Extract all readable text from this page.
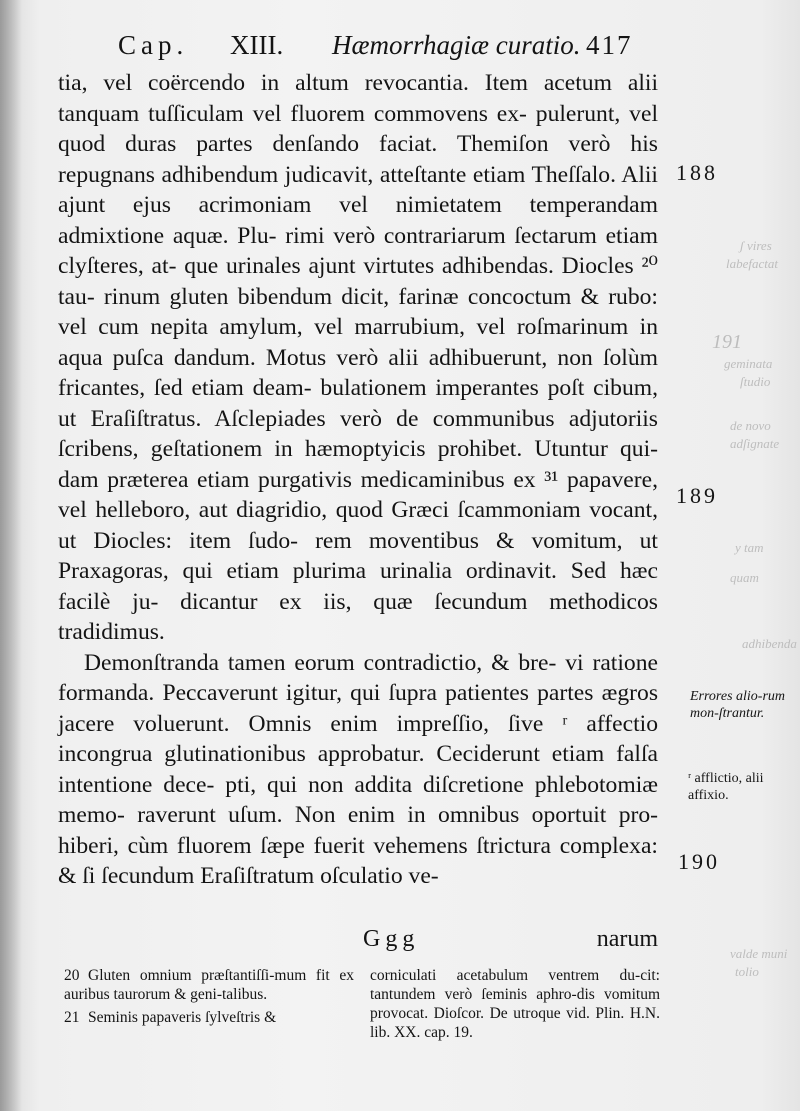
ʃ vires
labefactat
191
geminata
ſtudio
de novo
adſignate
y tam
quam
adhibenda
valde muni
tolio
Cap. XIII. Hæmorrhagiæ curatio. 417

tia, vel coërcendo in altum revocantia. Item acetum alii tanquam tuſſiculam vel fluorem commovens ex- pulerunt, vel quod duras partes denſando faciat. Themiſon verò his repugnans adhibendum judicavit, atteſtante etiam Theſſalo. Alii ajunt ejus acrimoniam vel nimietatem temperandam admixtione aquæ. Plu- rimi verò contrariarum ſectarum etiam clyſteres, at- que urinales ajunt virtutes adhibendas. Diocles ²⁰ tau- rinum gluten bibendum dicit, farinæ concoctum & rubo: vel cum nepita amylum, vel marrubium, vel roſmarinum in aqua puſca dandum. Motus verò alii adhibuerunt, non ſolùm fricantes, ſed etiam deam- bulationem imperantes poſt cibum, ut Eraſiſtratus. Aſclepiades verò de communibus adjutoriis ſcribens, geſtationem in hæmoptyicis prohibet. Utuntur qui- dam præterea etiam purgativis medicaminibus ex ³¹ papavere, vel helleboro, aut diagridio, quod Græci ſcammoniam vocant, ut Diocles: item ſudo- rem moventibus & vomitum, ut Praxagoras, qui etiam plurima urinalia ordinavit. Sed hæc facilè ju- dicantur ex iis, quæ ſecundum methodicos tradidimus.

Demonſtranda tamen eorum contradictio, & bre- vi ratione formanda. Peccaverunt igitur, qui ſupra patientes partes ægros jacere voluerunt. Omnis enim impreſſio, ſive ʳ affectio incongrua glutinationibus approbatur. Ceciderunt etiam falſa intentione dece- pti, qui non addita diſcretione phlebotomiæ memo- raverunt uſum. Non enim in omnibus oportuit pro- hiberi, cùm fluorem ſæpe fuerit vehemens ſtrictura complexa: & ſi ſecundum Eraſiſtratum oſculatio ve-

Ggg	narum

20 Gluten omnium præſtantiſſi-mum fit ex auribus taurorum & geni-talibus.

21 Seminis papaveris ſylveſtris &

corniculati acetabulum ventrem du-cit: tantundem verò ſeminis aphro-dis vomitum provocat. Dioſcor. De utroque vid. Plin. H.N. lib. XX. cap. 19.

188
189
Errores alio-rum mon-ſtrantur.
ʳ afflictio, alii affixio.
190
